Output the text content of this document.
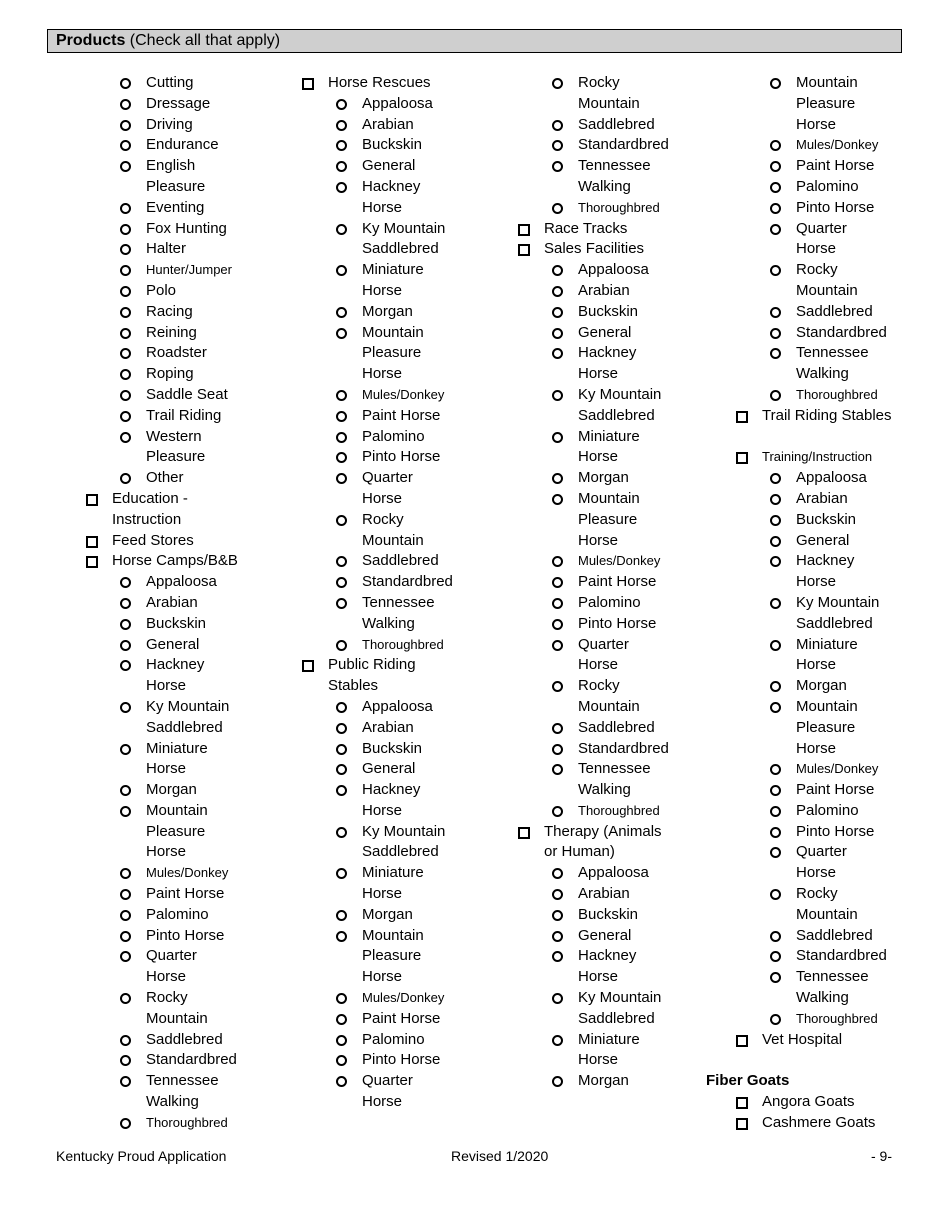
Products (Check all that apply)
Cutting
Dressage
Driving
Endurance
English
Pleasure
Eventing
Fox Hunting
Halter
Hunter/Jumper
Polo
Racing
Reining
Roadster
Roping
Saddle Seat
Trail Riding
Western
Pleasure
Other
Education -
Instruction
Feed Stores
Horse Camps/B&B
Appaloosa
Arabian
Buckskin
General
Hackney
Horse
Ky Mountain
Saddlebred
Miniature
Horse
Morgan
Mountain
Pleasure
Horse
Mules/Donkey
Paint Horse
Palomino
Pinto Horse
Quarter
Horse
Rocky
Mountain
Saddlebred
Standardbred
Tennessee
Walking
Thoroughbred
Horse Rescues
Appaloosa
Arabian
Buckskin
General
Hackney
Horse
Ky Mountain
Saddlebred
Miniature
Horse
Morgan
Mountain
Pleasure
Horse
Mules/Donkey
Paint Horse
Palomino
Pinto Horse
Quarter
Horse
Rocky
Mountain
Saddlebred
Standardbred
Tennessee
Walking
Thoroughbred
Public Riding
Stables
Appaloosa
Arabian
Buckskin
General
Hackney
Horse
Ky Mountain
Saddlebred
Miniature
Horse
Morgan
Mountain
Pleasure
Horse
Mules/Donkey
Paint Horse
Palomino
Pinto Horse
Quarter
Horse
Rocky
Mountain
Saddlebred
Standardbred
Tennessee
Walking
Thoroughbred
Race Tracks
Sales Facilities
Appaloosa
Arabian
Buckskin
General
Hackney
Horse
Ky Mountain
Saddlebred
Miniature
Horse
Morgan
Mountain
Pleasure
Horse
Mules/Donkey
Paint Horse
Palomino
Pinto Horse
Quarter
Horse
Rocky
Mountain
Saddlebred
Standardbred
Tennessee
Walking
Thoroughbred
Therapy (Animals
or Human)
Appaloosa
Arabian
Buckskin
General
Hackney
Horse
Ky Mountain
Saddlebred
Miniature
Horse
Morgan
Mountain
Pleasure
Horse
Mules/Donkey
Paint Horse
Palomino
Pinto Horse
Quarter
Horse
Rocky
Mountain
Saddlebred
Standardbred
Tennessee
Walking
Thoroughbred
Trail Riding Stables
Training/Instruction
Appaloosa
Arabian
Buckskin
General
Hackney
Horse
Ky Mountain
Saddlebred
Miniature
Horse
Morgan
Mountain
Pleasure
Horse
Mules/Donkey
Paint Horse
Palomino
Pinto Horse
Quarter
Horse
Rocky
Mountain
Saddlebred
Standardbred
Tennessee
Walking
Thoroughbred
Vet Hospital
Fiber Goats
Angora Goats
Cashmere Goats
Kentucky Proud Application	Revised 1/2020	- 9-
